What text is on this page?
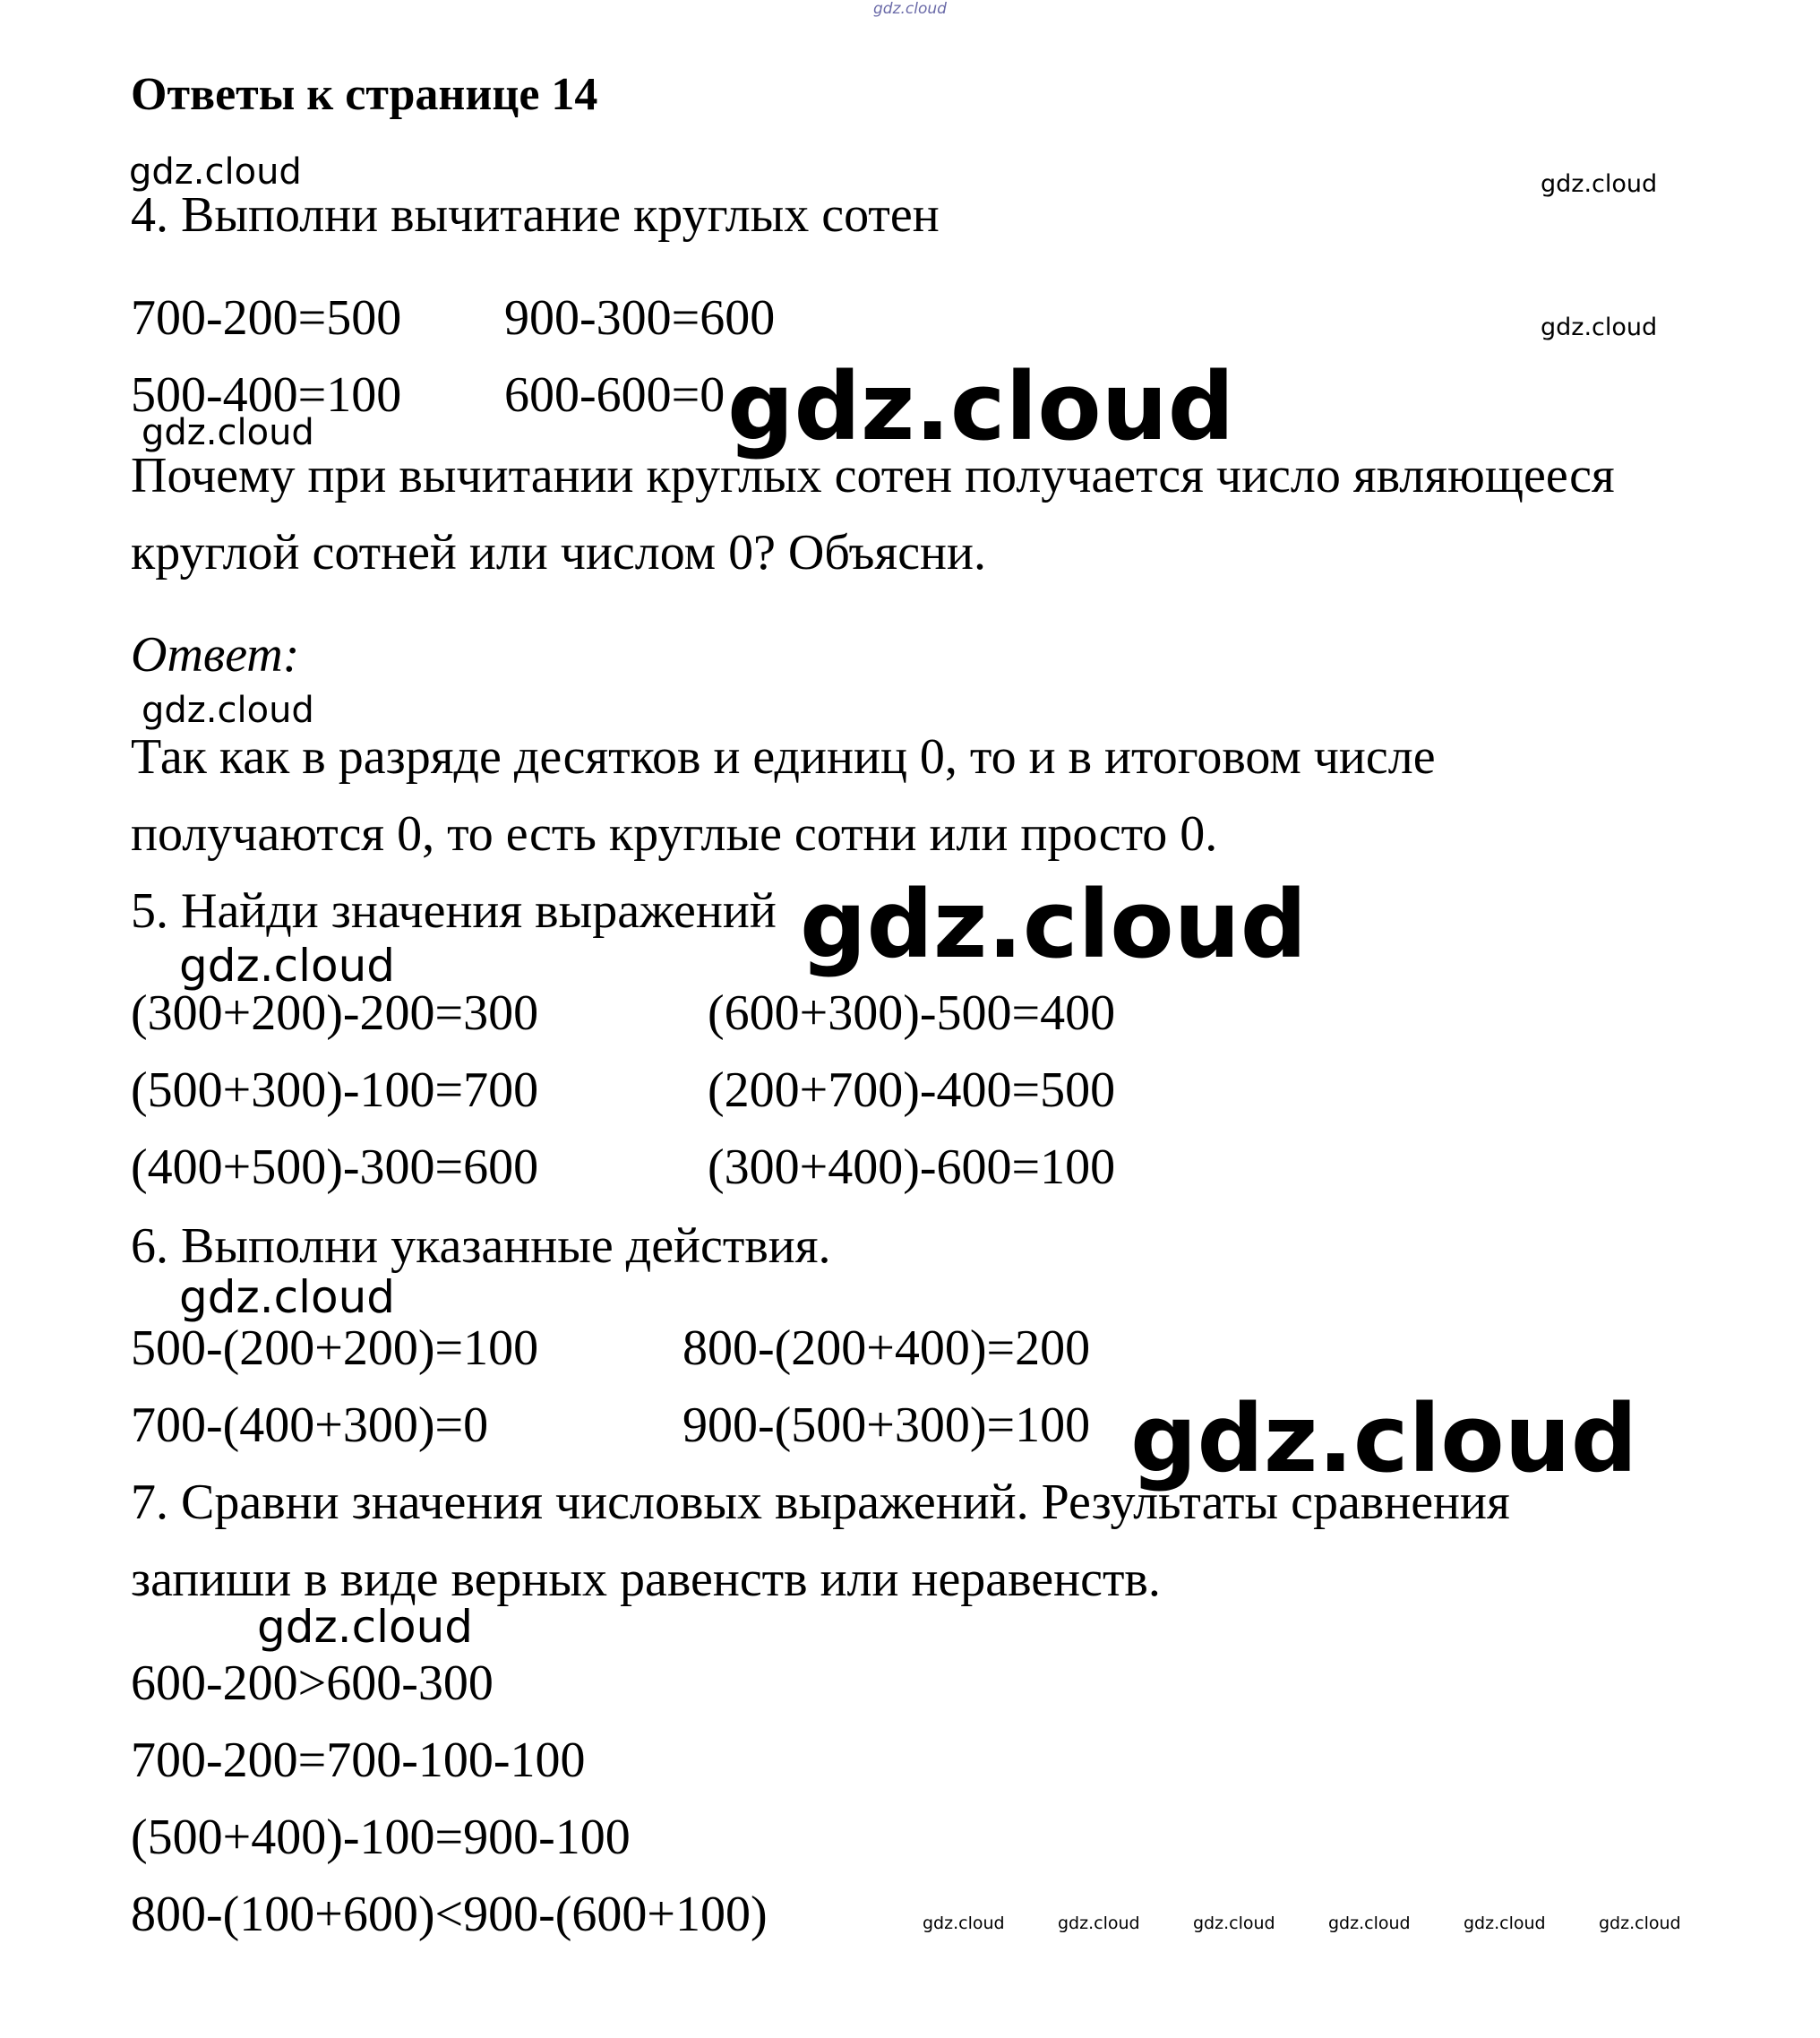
gdz.cloud
Ответы к странице 14
gdz.cloud	gdz.cloud
gdz.cloud
4. Выполни вычитание круглых сотен
700-200=500 900-300=600
500-400=100 600-600=0 gdz.cloud
gdz.cloud
Почему при вычитании круглых сотен получается число являющееся
круглой сотней или числом 0? Объясни.
Ответ:
gdz.cloud
Так как в разряде десятков и единиц 0, то и в итоговом числе
получаются 0, то есть круглые сотни или просто 0.
5. Найди значения выражений gdz.cloud
gdz.cloud
(300+200)-200=300	(600+300)-500=400
(500+300)-100=700	(200+700)-400=500
(400+500)-300=600	(300+400)-600=100
6. Выполни указанные действия.
gdz.cloud
500-(200+200)=100	800-(200+400)=200
700-(400+300)=0	900-(500+300)=100 gdz.cloud
7. Сравни значения числовых выражений. Результаты сравнения
запиши в виде верных равенств или неравенств.
gdz.cloud
600-200>600-300
700-200=700-100-100
(500+400)-100=900-100
800-(100+600)<900-(600+100)	gdz.cloud	gdz.cloud	gdz.cloud	gdz.cloud	gdz.cloud	gdz.cloud
